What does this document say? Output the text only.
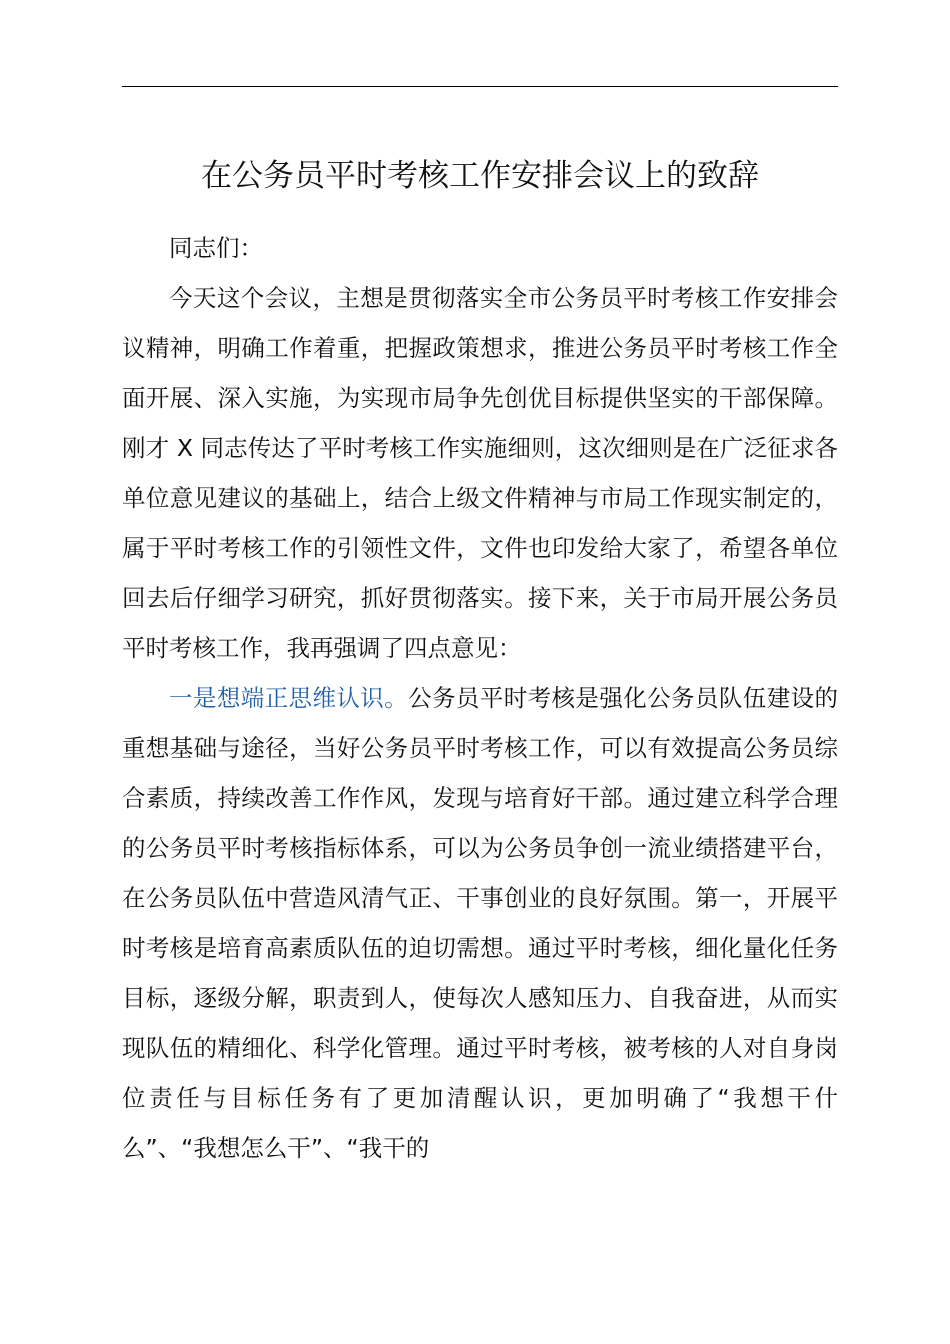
在公务员平时考核工作安排会议上的致辞

同志们：

今天这个会议，主想是贯彻落实全市公务员平时考核工作安排会议精神，明确工作着重，把握政策想求，推进公务员平时考核工作全面开展、深入实施，为实现市局争先创优目标提供坚实的干部保障。刚才 X 同志传达了平时考核工作实施细则，这次细则是在广泛征求各单位意见建议的基础上，结合上级文件精神与市局工作现实制定的，属于平时考核工作的引领性文件，文件也印发给大家了，希望各单位回去后仔细学习研究，抓好贯彻落实。接下来，关于市局开展公务员平时考核工作，我再强调了四点意见：

一是想端正思维认识。公务员平时考核是强化公务员队伍建设的重想基础与途径，当好公务员平时考核工作，可以有效提高公务员综合素质，持续改善工作作风，发现与培育好干部。通过建立科学合理的公务员平时考核指标体系，可以为公务员争创一流业绩搭建平台，在公务员队伍中营造风清气正、干事创业的良好氛围。第一，开展平时考核是培育高素质队伍的迫切需想。通过平时考核，细化量化任务目标，逐级分解，职责到人，使每次人感知压力、自我奋进，从而实现队伍的精细化、科学化管理。通过平时考核，被考核的人对自身岗位责任与目标任务有了更加清醒认识，更加明确了“我想干什么”、“我想怎么干”、“我干的
